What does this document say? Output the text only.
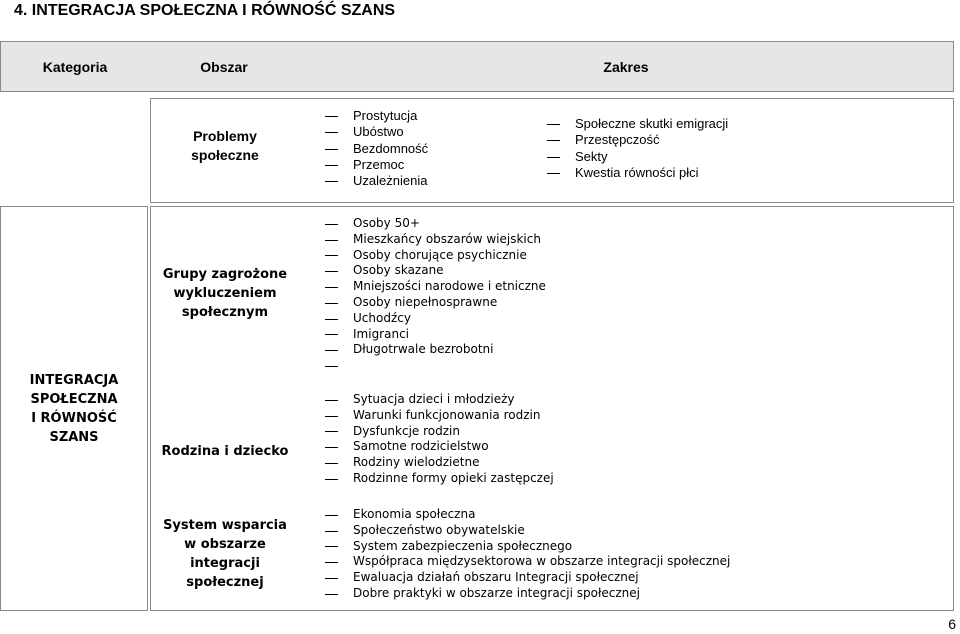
4. INTEGRACJA SPOŁECZNA I RÓWNOŚĆ SZANS
Kategoria	Obszar	Zakres
Problemy
społeczne
Prostytucja
Ubóstwo
Bezdomność
Przemoc
Uzależnienia
Społeczne skutki emigracji
Przestępczość
Sekty
Kwestia równości płci
INTEGRACJA
SPOŁECZNA
I RÓWNOŚĆ
SZANS
Grupy zagrożone
wykluczeniem
społecznym
Osoby 50+
Mieszkańcy obszarów wiejskich
Osoby chorujące psychicznie
Osoby skazane
Mniejszości narodowe i etniczne
Osoby niepełnosprawne
Uchodźcy
Imigranci
Długotrwale bezrobotni
Rodzina i dziecko
Sytuacja dzieci i młodzieży
Warunki funkcjonowania rodzin
Dysfunkcje rodzin
Samotne rodzicielstwo
Rodziny wielodzietne
Rodzinne formy opieki zastępczej
System wsparcia
w obszarze
integracji
społecznej
Ekonomia społeczna
Społeczeństwo obywatelskie
System zabezpieczenia społecznego
Współpraca międzysektorowa w obszarze integracji społecznej
Ewaluacja działań obszaru Integracji społecznej
Dobre praktyki w obszarze integracji społecznej
6
